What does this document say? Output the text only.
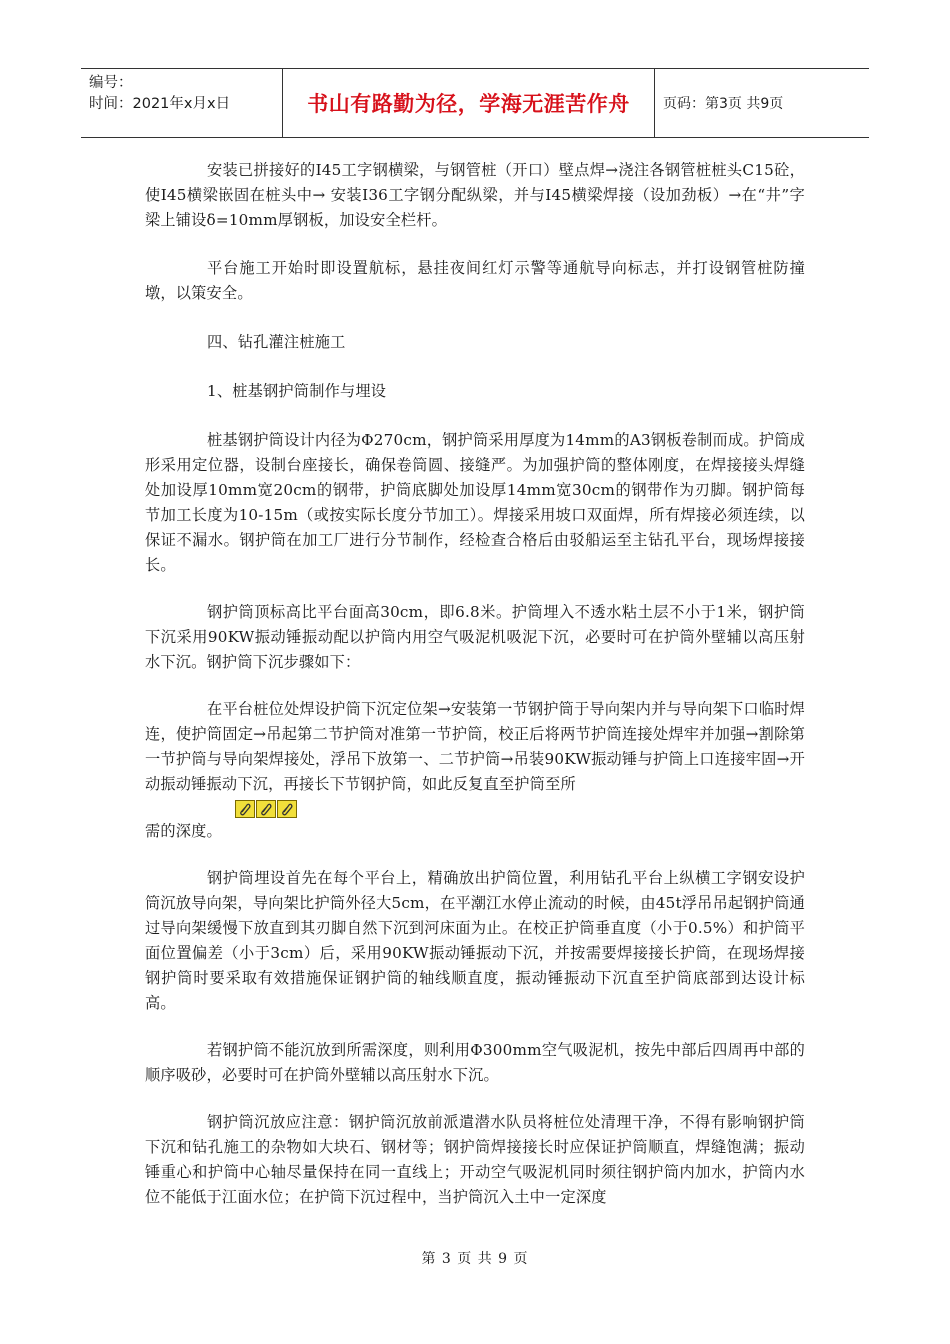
编号：
时间：2021年x月x日	书山有路勤为径，学海无涯苦作舟	页码：第3页 共9页

安装已拼接好的I45工字钢横梁，与钢管桩（开口）壁点焊→浇注各钢管桩桩头C15砼，使I45横梁嵌固在桩头中→ 安装I36工字钢分配纵梁，并与I45横梁焊接（设加劲板）→在“井”字梁上铺设δ=10mm厚钢板，加设安全栏杆。

平台施工开始时即设置航标，悬挂夜间红灯示警等通航导向标志，并打设钢管桩防撞墩，以策安全。

四、钻孔灌注桩施工

1、桩基钢护筒制作与埋设

桩基钢护筒设计内径为Φ270cm，钢护筒采用厚度为14mm的A3钢板卷制而成。护筒成形采用定位器，设制台座接长，确保卷筒圆、接缝严。为加强护筒的整体刚度，在焊接接头焊缝处加设厚10mm宽20cm的钢带，护筒底脚处加设厚14mm宽30cm的钢带作为刃脚。钢护筒每节加工长度为10-15m（或按实际长度分节加工）。焊接采用坡口双面焊，所有焊接必须连续，以保证不漏水。钢护筒在加工厂进行分节制作，经检查合格后由驳船运至主钻孔平台，现场焊接接长。

钢护筒顶标高比平台面高30cm，即6.8米。护筒埋入不透水粘土层不小于1米，钢护筒下沉采用90KW振动锤振动配以护筒内用空气吸泥机吸泥下沉，必要时可在护筒外壁辅以高压射水下沉。钢护筒下沉步骤如下：

在平台桩位处焊设护筒下沉定位架→安装第一节钢护筒于导向架内并与导向架下口临时焊连，使护筒固定→吊起第二节护筒对准第一节护筒，校正后将两节护筒连接处焊牢并加强→割除第一节护筒与导向架焊接处，浮吊下放第一、二节护筒→吊装90KW振动锤与护筒上口连接牢固→开动振动锤振动下沉，再接长下节钢护筒，如此反复直至护筒至所

需的深度。

钢护筒埋设首先在每个平台上，精确放出护筒位置，利用钻孔平台上纵横工字钢安设护筒沉放导向架，导向架比护筒外径大5cm，在平潮江水停止流动的时候，由45t浮吊吊起钢护筒通过导向架缓慢下放直到其刃脚自然下沉到河床面为止。在校正护筒垂直度（小于0.5%）和护筒平面位置偏差（小于3cm）后，采用90KW振动锤振动下沉，并按需要焊接接长护筒，在现场焊接钢护筒时要采取有效措施保证钢护筒的轴线顺直度，振动锤振动下沉直至护筒底部到达设计标高。

若钢护筒不能沉放到所需深度，则利用Φ300mm空气吸泥机，按先中部后四周再中部的顺序吸砂，必要时可在护筒外壁辅以高压射水下沉。

钢护筒沉放应注意：钢护筒沉放前派遣潜水队员将桩位处清理干净，不得有影响钢护筒下沉和钻孔施工的杂物如大块石、钢材等；钢护筒焊接接长时应保证护筒顺直，焊缝饱满；振动锤重心和护筒中心轴尽量保持在同一直线上；开动空气吸泥机同时须往钢护筒内加水，护筒内水位不能低于江面水位；在护筒下沉过程中，当护筒沉入土中一定深度

第 3 页 共 9 页
